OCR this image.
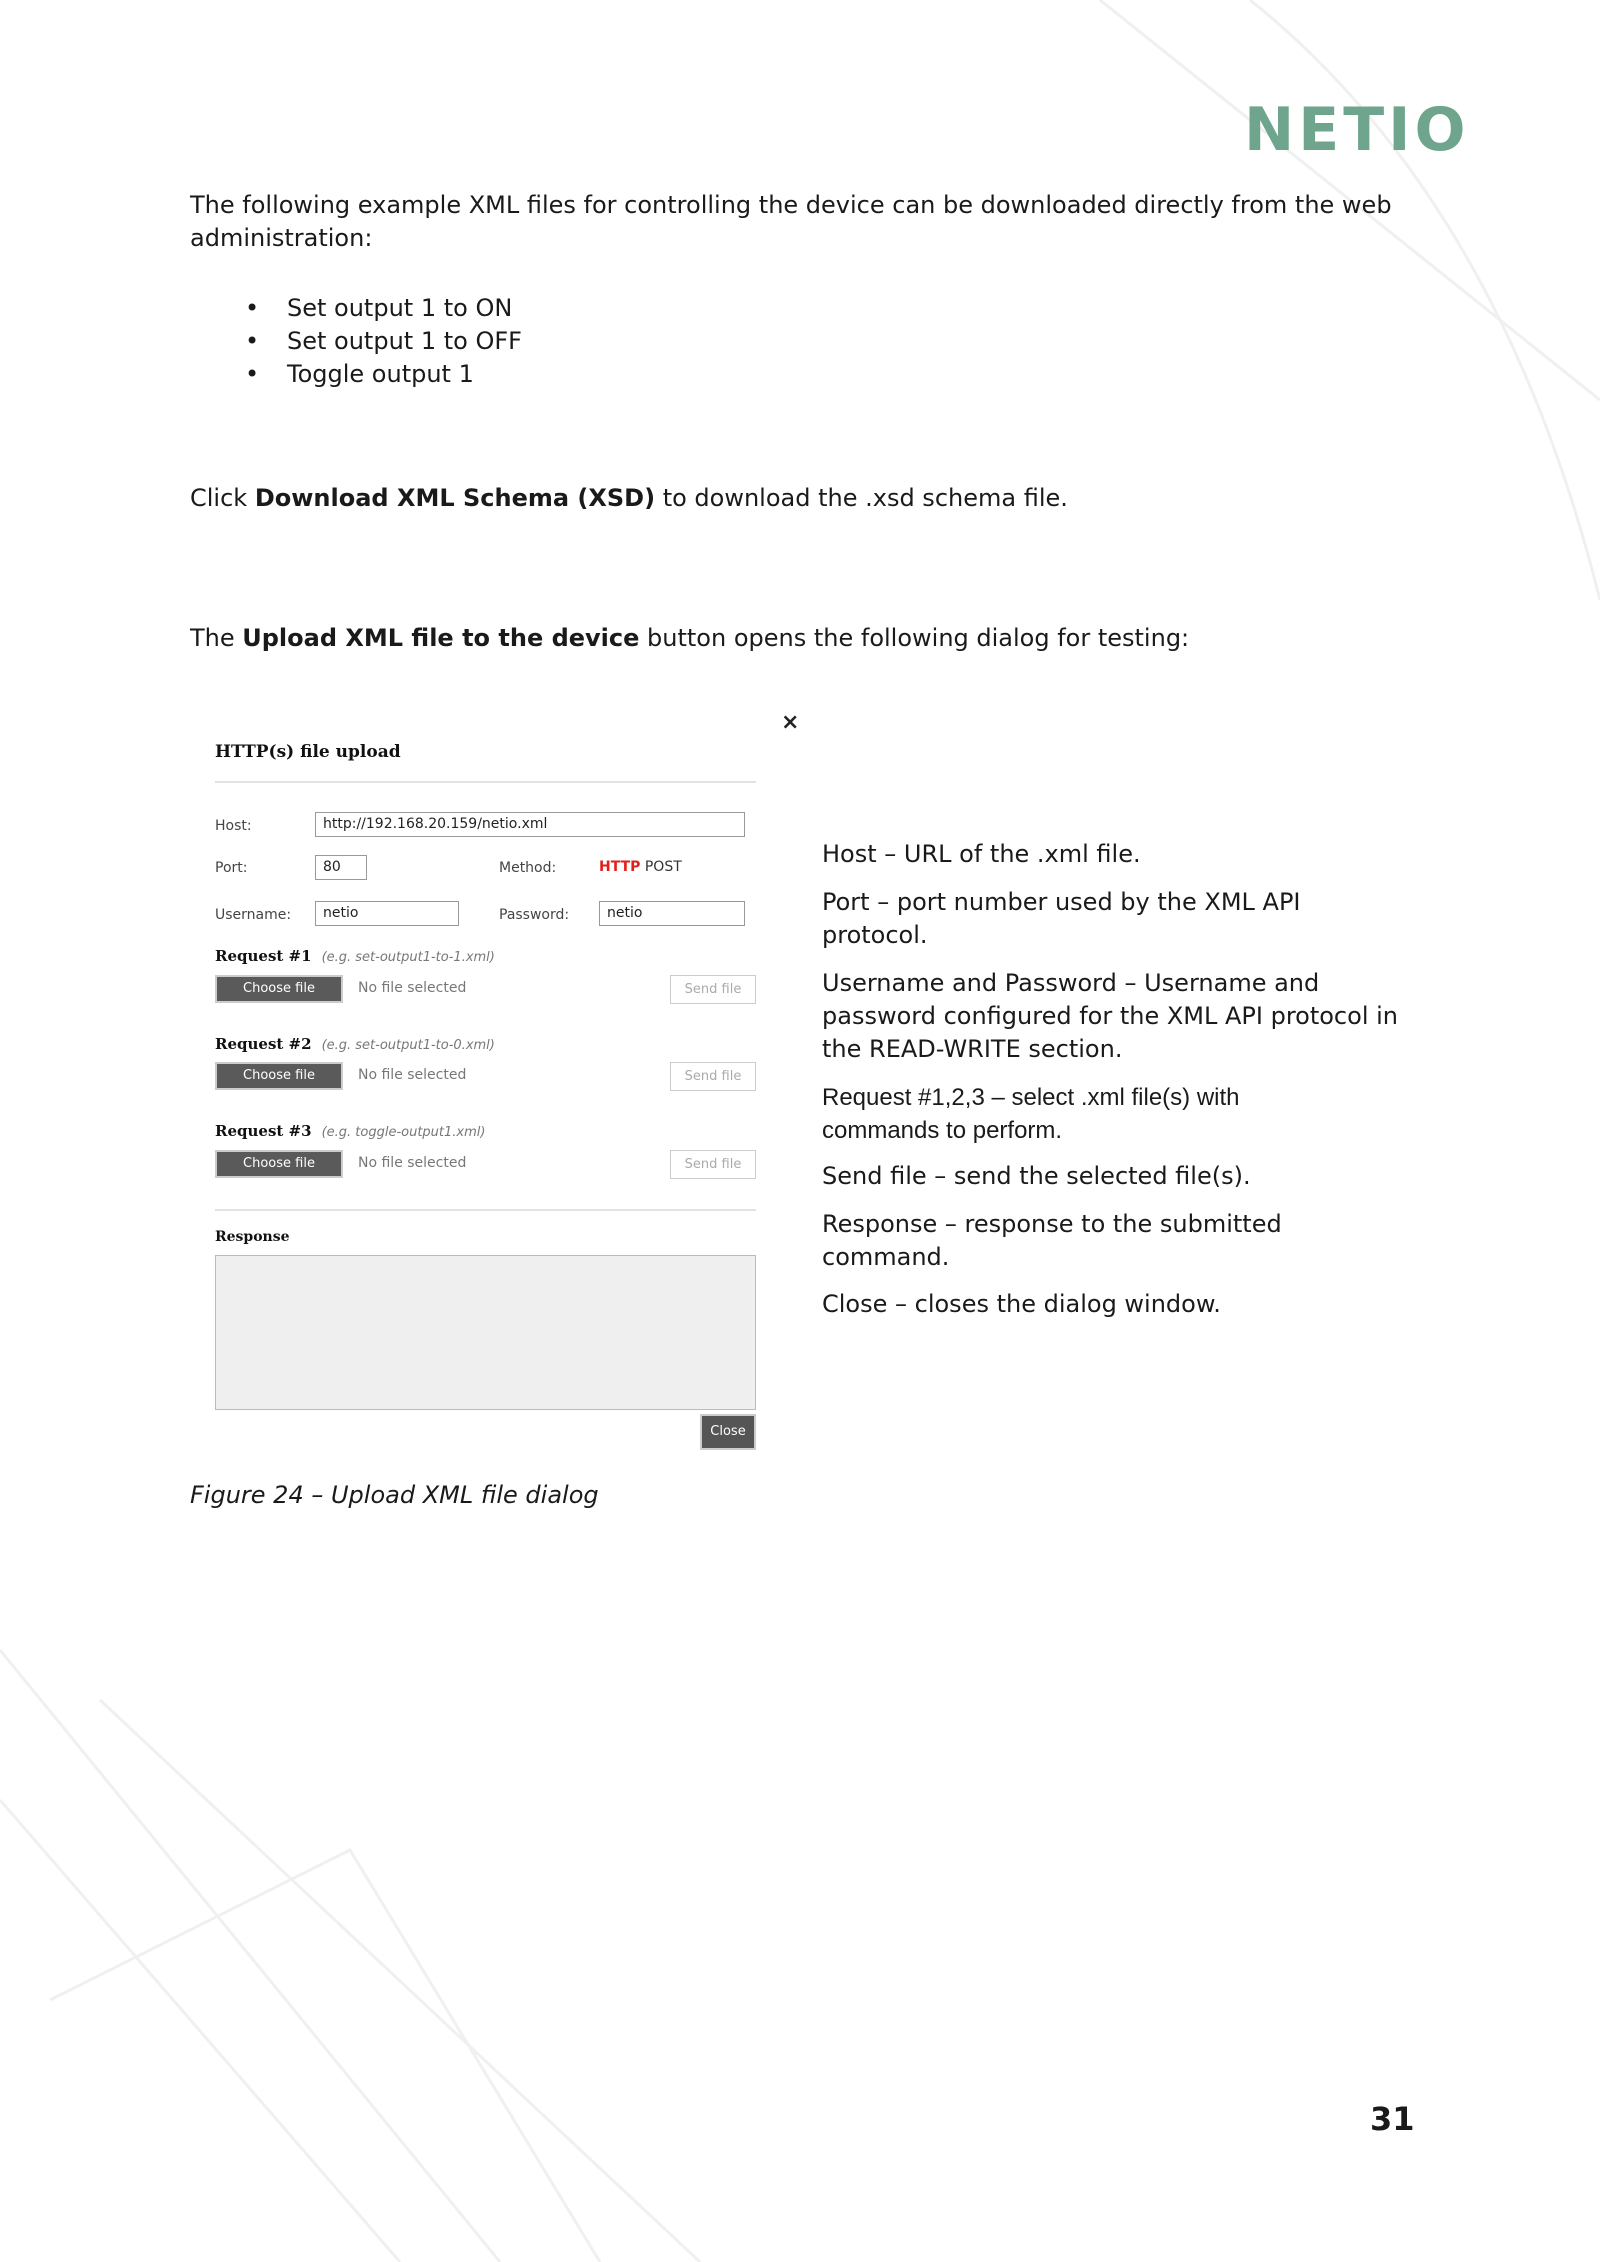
NETIO
The following example XML files for controlling the device can be downloaded directly from the web administration:
• Set output 1 to ON
• Set output 1 to OFF
• Toggle output 1
Click Download XML Schema (XSD) to download the .xsd schema file.
The Upload XML file to the device button opens the following dialog for testing:
×
HTTP(s) file upload
Host:	http://192.168.20.159/netio.xml
Port:	80	Method:	HTTP POST
Username:	netio	Password:	netio
Request #1 (e.g. set-output1-to-1.xml)
Choose file	No file selected	Send file
Request #2 (e.g. set-output1-to-0.xml)
Choose file	No file selected	Send file
Request #3 (e.g. toggle-output1.xml)
Choose file	No file selected	Send file
Response
Close
Host – URL of the .xml file.
Port – port number used by the XML API protocol.
Username and Password – Username and password configured for the XML API protocol in the READ-WRITE section.
Request #1,2,3 – select .xml file(s) with commands to perform.
Send file – send the selected file(s).
Response – response to the submitted command.
Close – closes the dialog window.
Figure 24 – Upload XML file dialog
31
